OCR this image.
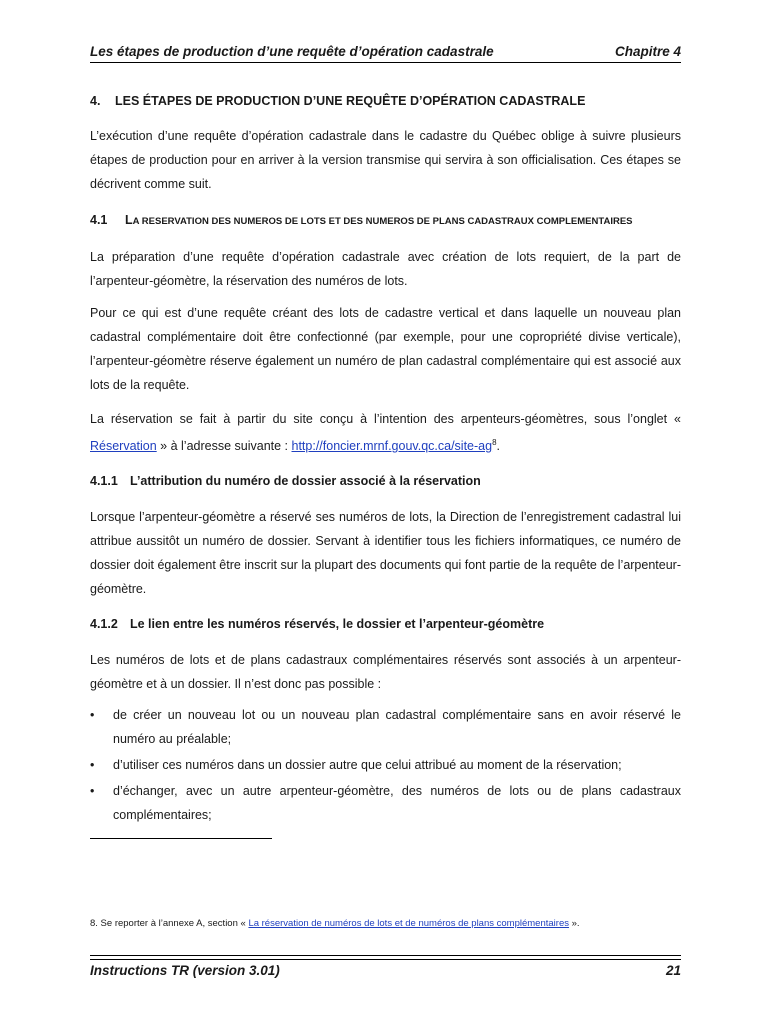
Les étapes de production d’une requête d’opération cadastrale	Chapitre 4
4. LES ÉTAPES DE PRODUCTION D’UNE REQUÊTE D’OPÉRATION CADASTRALE

L’exécution d’une requête d’opération cadastrale dans le cadastre du Québec oblige à suivre plusieurs étapes de production pour en arriver à la version transmise qui servira à son officialisation. Ces étapes se décrivent comme suit.

4.1 LA RESERVATION DES NUMEROS DE LOTS ET DES NUMEROS DE PLANS CADASTRAUX COMPLEMENTAIRES

La préparation d’une requête d’opération cadastrale avec création de lots requiert, de la part de l’arpenteur-géomètre, la réservation des numéros de lots.

Pour ce qui est d’une requête créant des lots de cadastre vertical et dans laquelle un nouveau plan cadastral complémentaire doit être confectionné (par exemple, pour une copropriété divise verticale), l’arpenteur-géomètre réserve également un numéro de plan cadastral complémentaire qui est associé aux lots de la requête.

La réservation se fait à partir du site conçu à l’intention des arpenteurs-géomètres, sous l’onglet « Réservation » à l’adresse suivante : $http://foncier.mrnf.gouv.qc.ca/site-ag^8$.

4.1.1 L’attribution du numéro de dossier associé à la réservation

Lorsque l’arpenteur-géomètre a réservé ses numéros de lots, la Direction de l’enregistrement cadastral lui attribue aussitôt un numéro de dossier. Servant à identifier tous les fichiers informatiques, ce numéro de dossier doit également être inscrit sur la plupart des documents qui font partie de la requête de l’arpenteur-géomètre.

4.1.2 Le lien entre les numéros réservés, le dossier et l’arpenteur-géomètre

Les numéros de lots et de plans cadastraux complémentaires réservés sont associés à un arpenteur-géomètre et à un dossier. Il n’est donc pas possible :

• de créer un nouveau lot ou un nouveau plan cadastral complémentaire sans en avoir réservé le numéro au préalable;
• d’utiliser ces numéros dans un dossier autre que celui attribué au moment de la réservation;
• d’échanger, avec un autre arpenteur-géomètre, des numéros de lots ou de plans cadastraux complémentaires;
8. Se reporter à l’annexe A, section « La réservation de numéros de lots et de numéros de plans complémentaires ».
Instructions TR (version 3.01)	21
